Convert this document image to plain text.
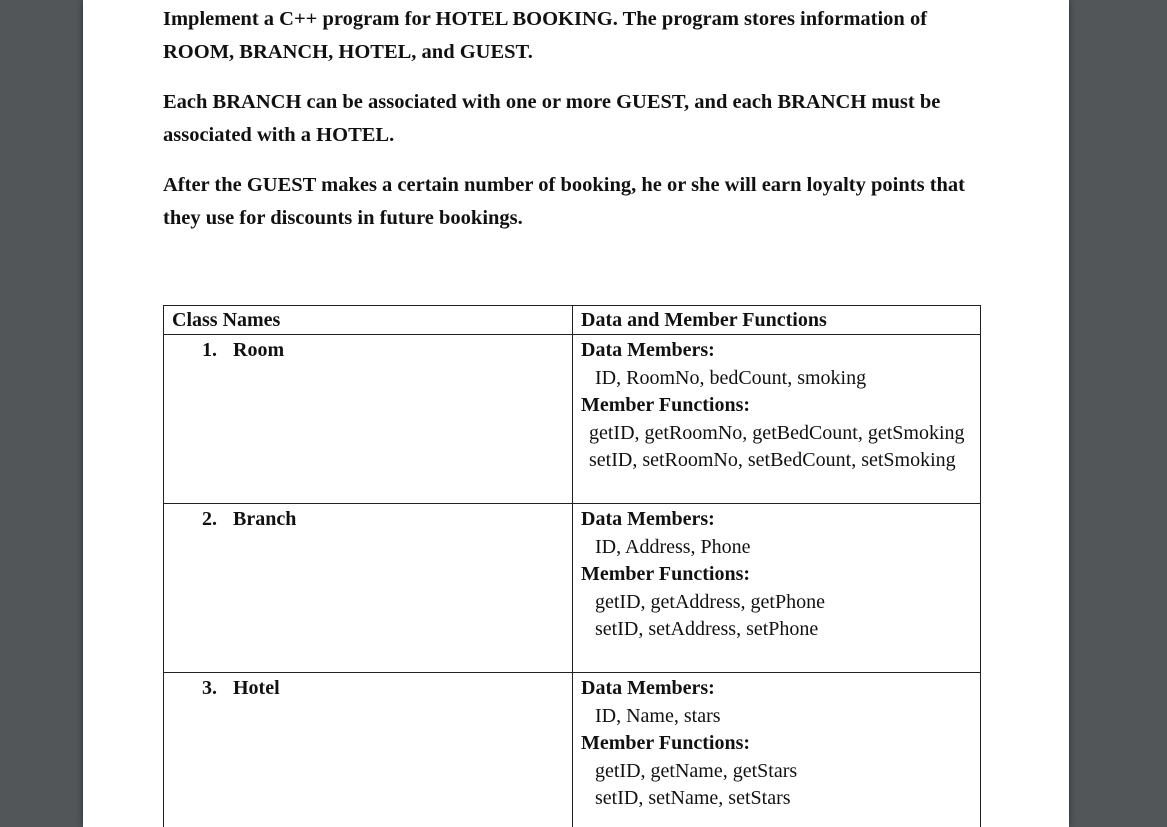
Implement a C++ program for HOTEL BOOKING. The program stores information of ROOM, BRANCH, HOTEL, and GUEST.

Each BRANCH can be associated with one or more GUEST, and each BRANCH must be associated with a HOTEL.

After the GUEST makes a certain number of booking, he or she will earn loyalty points that they use for discounts in future bookings.

Class Names	Data and Member Functions
1. Room	Data Members:
ID, RoomNo, bedCount, smoking
Member Functions:
getID, getRoomNo, getBedCount, getSmoking
setID, setRoomNo, setBedCount, setSmoking

2. Branch	Data Members:
ID, Address, Phone
Member Functions:
getID, getAddress, getPhone
setID, setAddress, setPhone

3. Hotel	Data Members:
ID, Name, stars
Member Functions:
getID, getName, getStars
setID, setName, setStars
